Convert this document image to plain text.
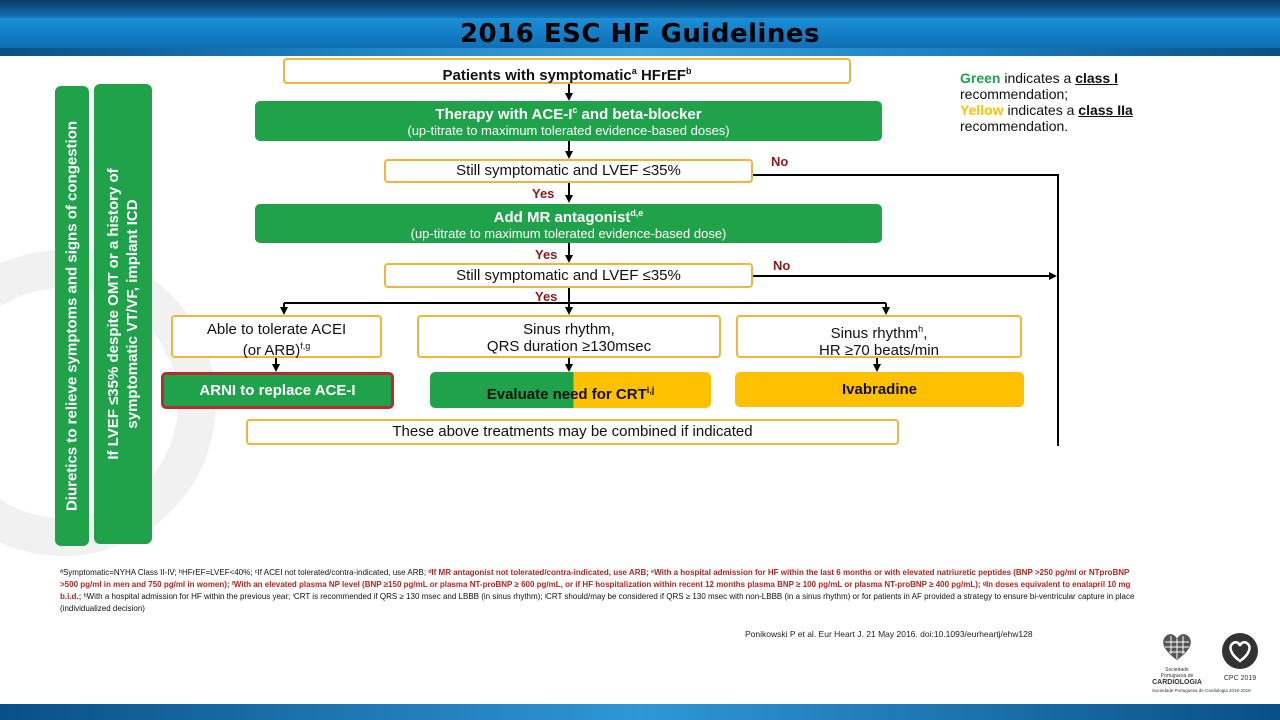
2016 ESC HF Guidelines
Diuretics to relieve symptoms and signs of congestion If LVEF ≤35% despite OMT or a history of symptomatic VT/VF, implant ICD
Patients with symptomatic$^a$ HFrEF$^b$
Therapy with ACE-$I^c$ and beta-blocker
(up-titrate to maximum tolerated evidence-based doses)
Still symptomatic and LVEF ≤35%
No
Yes
Add MR antagonist$^{d,e}$
(up-titrate to maximum tolerated evidence-based dose)
Yes
Still symptomatic and LVEF ≤35%
No
Yes
Able to tolerate ACEI
(or ARB)$^{f,g}$
Sinus rhythm,
QRS duration ≥130msec
Sinus rhythm$^h$,
HR ≥70 beats/min
ARNI to replace ACE-I	Evaluate need for CRT$^{i,j}$	Ivabradine
These above treatments may be combined if indicated
Green indicates a class I
recommendation;
Yellow indicates a class IIa
recommendation.
ªSymptomatic=NYHA Class II-IV; ᵇHFrEF=LVEF<40%; ᶜIf ACEI not tolerated/contra-indicated, use ARB; ᵈIf MR antagonist not tolerated/contra-indicated, use ARB; ᵉWith a hospital admission for HF within the last 6 months or with elevated natriuretic peptides (BNP >250 pg/ml or NTproBNP >500 pg/ml in men and 750 pg/ml in women); ᶠWith an elevated plasma NP level (BNP ≥150 pg/mL or plasma NT-proBNP ≥ 600 pg/mL, or if HF hospitalization within recent 12 months plasma BNP ≥ 100 pg/mL or plasma NT-proBNP ≥ 400 pg/mL); ᵍIn doses equivalent to enalapril 10 mg b.i.d.; ʰWith a hospital admission for HF within the previous year; ⁱCRT is recommended if QRS ≥ 130 msec and LBBB (in sinus rhythm); ʲCRT should/may be considered if QRS ≥ 130 msec with non-LBBB (in a sinus rhythm) or for patients in AF provided a strategy to ensure bi-ventricular capture in place (individualized decision)
Ponikowski P et al. Eur Heart J. 21 May 2016. doi:10.1093/eurheartj/ehw128
Sociedade Portuguesa de
CARDIOLOGIA
CPC 2019
Sociedade Portuguesa de Cardiologia 2018-2019
